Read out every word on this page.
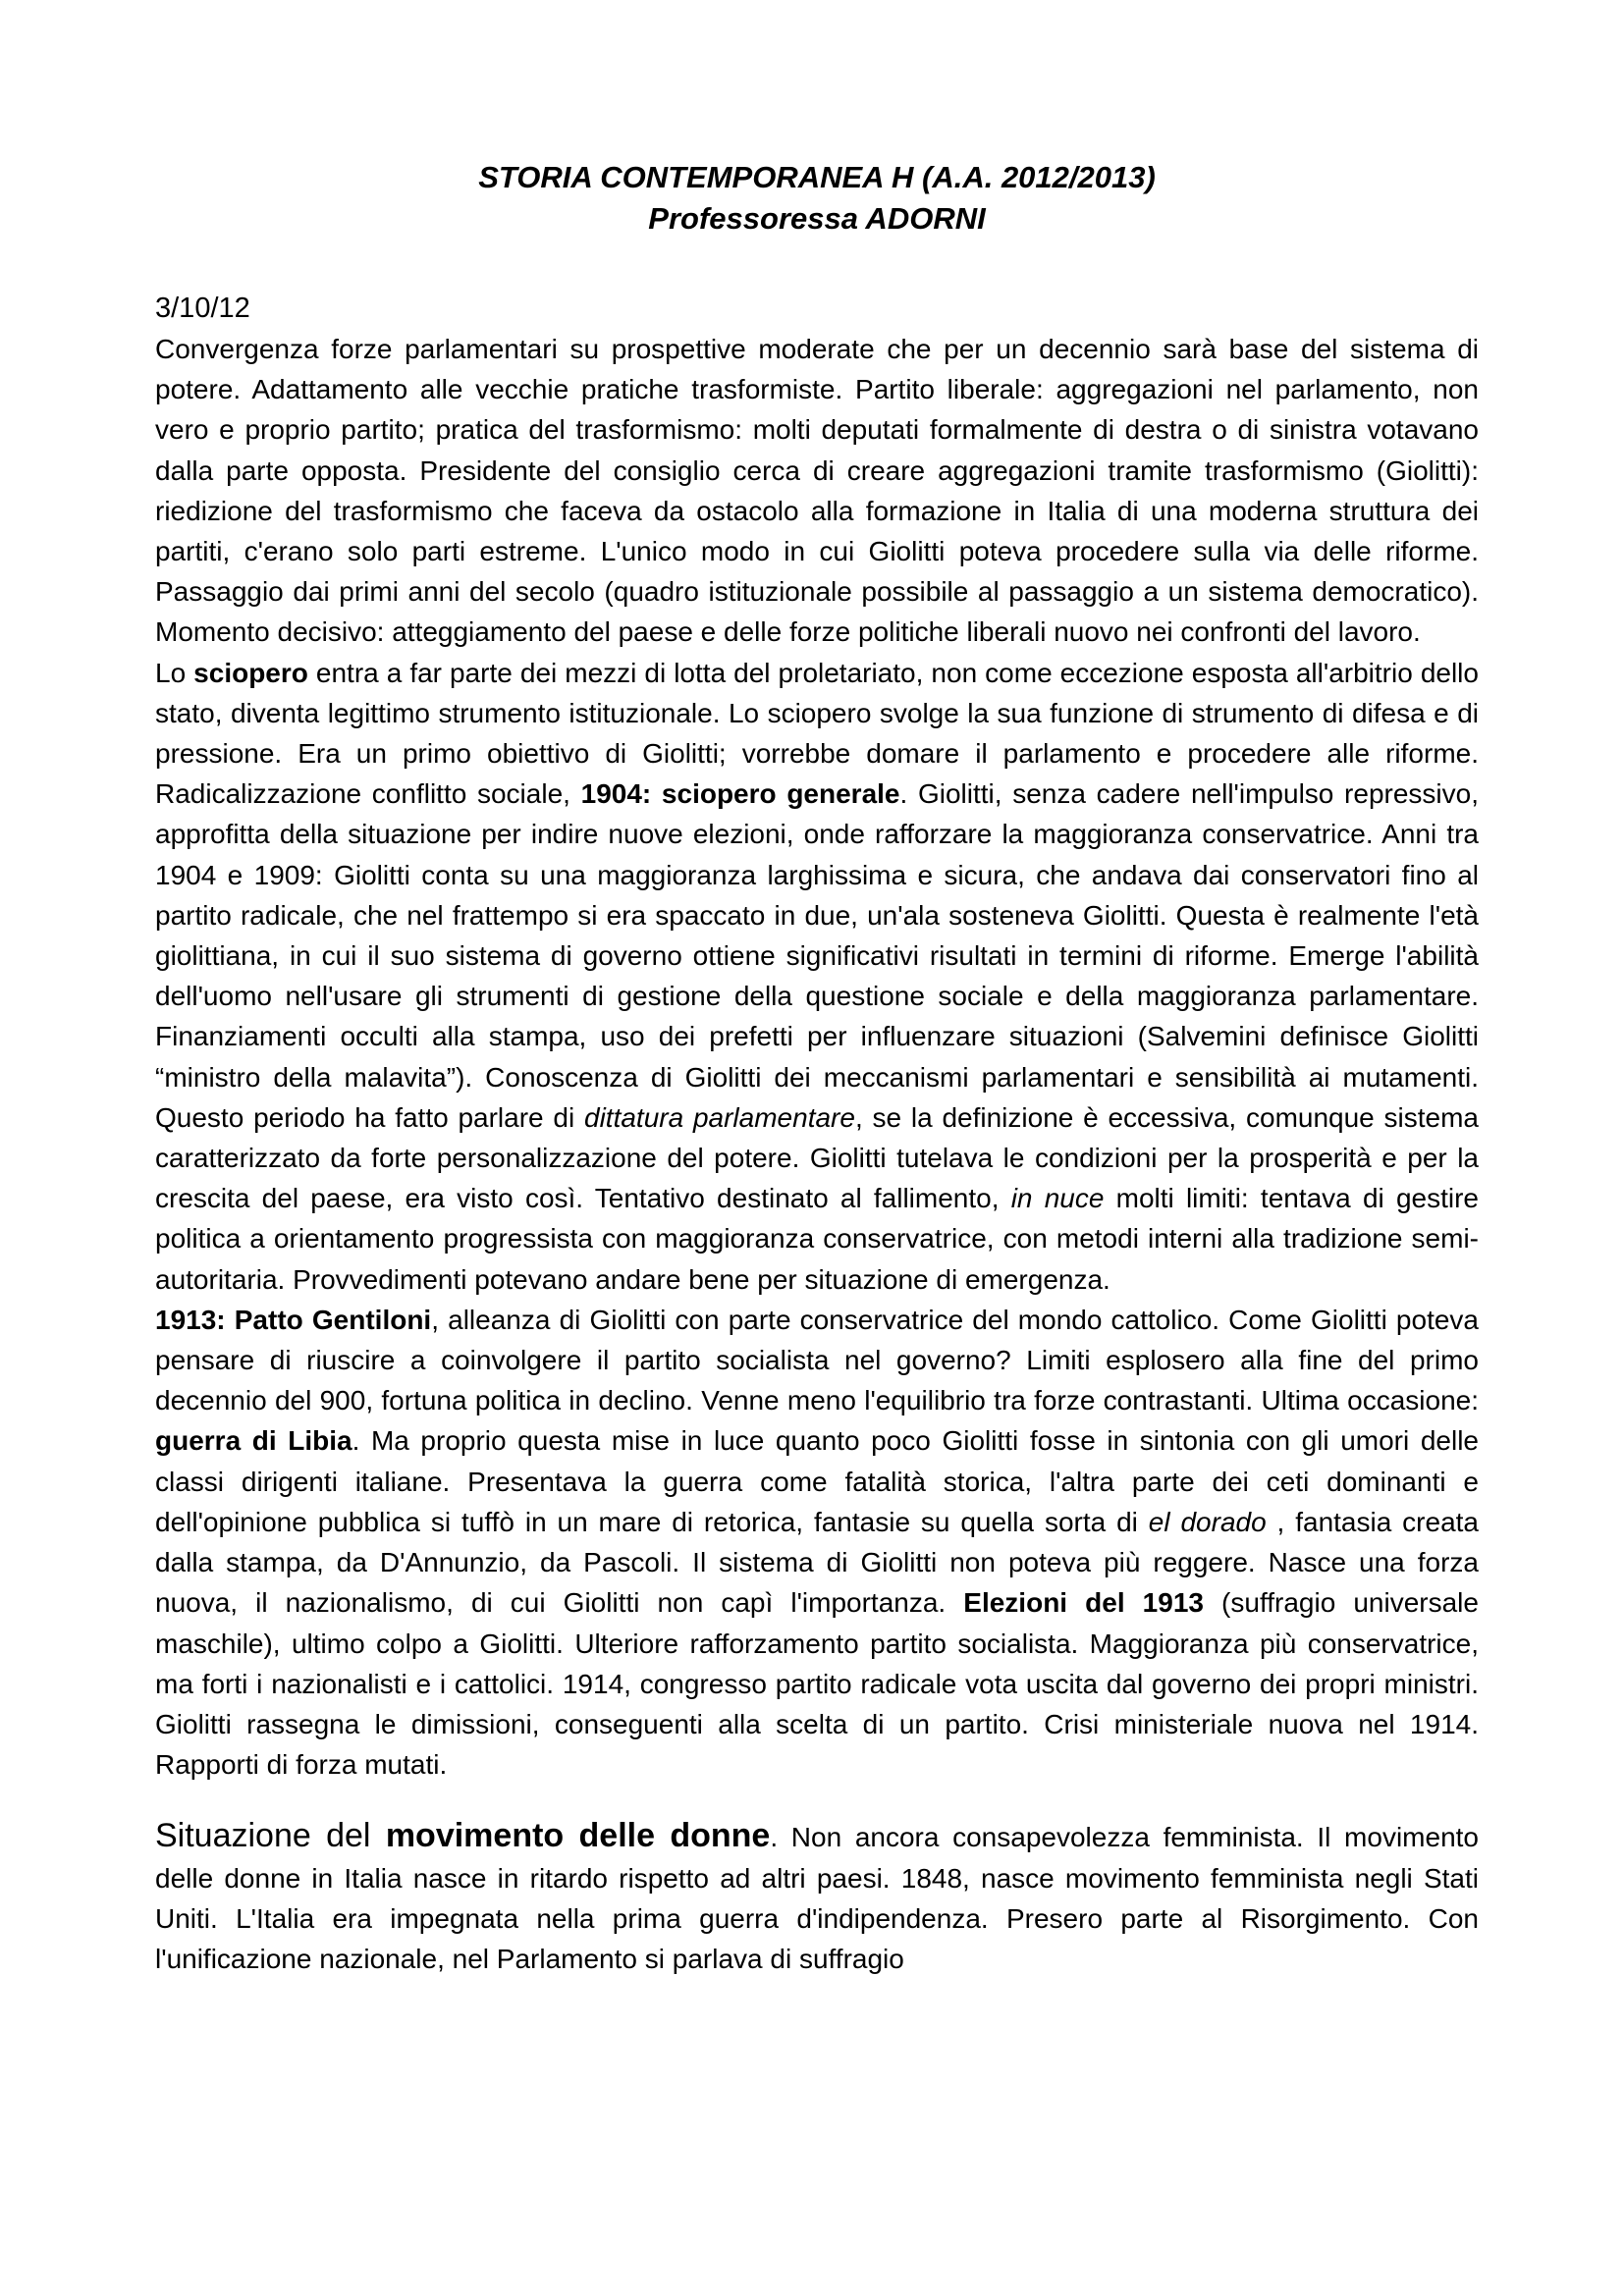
STORIA CONTEMPORANEA H (A.A. 2012/2013)
Professoressa ADORNI
3/10/12

Convergenza forze parlamentari su prospettive moderate che per un decennio sarà base del sistema di potere. Adattamento alle vecchie pratiche trasformiste. Partito liberale: aggregazioni nel parlamento, non vero e proprio partito; pratica del trasformismo: molti deputati formalmente di destra o di sinistra votavano dalla parte opposta. Presidente del consiglio cerca di creare aggregazioni tramite trasformismo (Giolitti): riedizione del trasformismo che faceva da ostacolo alla formazione in Italia di una moderna struttura dei partiti, c'erano solo parti estreme. L'unico modo in cui Giolitti poteva procedere sulla via delle riforme. Passaggio dai primi anni del secolo (quadro istituzionale possibile al passaggio a un sistema democratico). Momento decisivo: atteggiamento del paese e delle forze politiche liberali nuovo nei confronti del lavoro.

Lo sciopero entra a far parte dei mezzi di lotta del proletariato, non come eccezione esposta all'arbitrio dello stato, diventa legittimo strumento istituzionale. Lo sciopero svolge la sua funzione di strumento di difesa e di pressione. Era un primo obiettivo di Giolitti; vorrebbe domare il parlamento e procedere alle riforme. Radicalizzazione conflitto sociale, 1904: sciopero generale. Giolitti, senza cadere nell'impulso repressivo, approfitta della situazione per indire nuove elezioni, onde rafforzare la maggioranza conservatrice. Anni tra 1904 e 1909: Giolitti conta su una maggioranza larghissima e sicura, che andava dai conservatori fino al partito radicale, che nel frattempo si era spaccato in due, un'ala sosteneva Giolitti. Questa è realmente l'età giolittiana, in cui il suo sistema di governo ottiene significativi risultati in termini di riforme. Emerge l'abilità dell'uomo nell'usare gli strumenti di gestione della questione sociale e della maggioranza parlamentare. Finanziamenti occulti alla stampa, uso dei prefetti per influenzare situazioni (Salvemini definisce Giolitti “ministro della malavita”). Conoscenza di Giolitti dei meccanismi parlamentari e sensibilità ai mutamenti. Questo periodo ha fatto parlare di dittatura parlamentare, se la definizione è eccessiva, comunque sistema caratterizzato da forte personalizzazione del potere. Giolitti tutelava le condizioni per la prosperità e per la crescita del paese, era visto così. Tentativo destinato al fallimento, in nuce molti limiti: tentava di gestire politica a orientamento progressista con maggioranza conservatrice, con metodi interni alla tradizione semi-autoritaria. Provvedimenti potevano andare bene per situazione di emergenza.

1913: Patto Gentiloni, alleanza di Giolitti con parte conservatrice del mondo cattolico. Come Giolitti poteva pensare di riuscire a coinvolgere il partito socialista nel governo? Limiti esplosero alla fine del primo decennio del 900, fortuna politica in declino. Venne meno l'equilibrio tra forze contrastanti. Ultima occasione: guerra di Libia. Ma proprio questa mise in luce quanto poco Giolitti fosse in sintonia con gli umori delle classi dirigenti italiane. Presentava la guerra come fatalità storica, l'altra parte dei ceti dominanti e dell'opinione pubblica si tuffò in un mare di retorica, fantasie su quella sorta di el dorado , fantasia creata dalla stampa, da D'Annunzio, da Pascoli. Il sistema di Giolitti non poteva più reggere. Nasce una forza nuova, il nazionalismo, di cui Giolitti non capì l'importanza. Elezioni del 1913 (suffragio universale maschile), ultimo colpo a Giolitti. Ulteriore rafforzamento partito socialista. Maggioranza più conservatrice, ma forti i nazionalisti e i cattolici. 1914, congresso partito radicale vota uscita dal governo dei propri ministri. Giolitti rassegna le dimissioni, conseguenti alla scelta di un partito. Crisi ministeriale nuova nel 1914. Rapporti di forza mutati.

Situazione del movimento delle donne. Non ancora consapevolezza femminista. Il movimento delle donne in Italia nasce in ritardo rispetto ad altri paesi. 1848, nasce movimento femminista negli Stati Uniti. L'Italia era impegnata nella prima guerra d'indipendenza. Presero parte al Risorgimento. Con l'unificazione nazionale, nel Parlamento si parlava di suffragio
